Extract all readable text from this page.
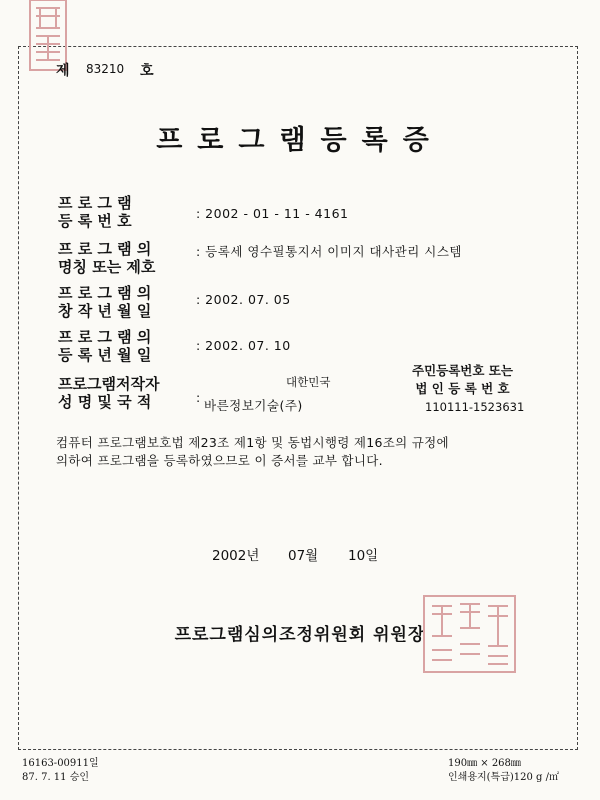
제 83210 호
프로그램등록증
프 로 그 램
등 록 번 호	: 2002 - 01 - 11 - 4161
프 로 그 램 의
명칭 또는 제호
: 등록세 영수필통지서 이미지 대사관리 시스템
프 로 그 램 의
창 작 년 월 일
: 2002. 07. 05
프 로 그 램 의
등 록 년 월 일
: 2002. 07. 10
프로그램저작자
성 명 및 국 적	:
대한민국
바른정보기술(주)
주민등록번호 또는
법 인 등 록 번 호
110111-1523631
컴퓨터 프로그램보호법 제23조 제1항 및 동법시행령 제16조의 규정에
의하여 프로그램을 등록하였으므로 이 증서를 교부 합니다.
2002년 07월 10일
프로그램심의조정위원회 위원장
16163-00911일
87. 7. 11 승인
190㎜ × 268㎜
인쇄용지(특급)120 g /㎡
